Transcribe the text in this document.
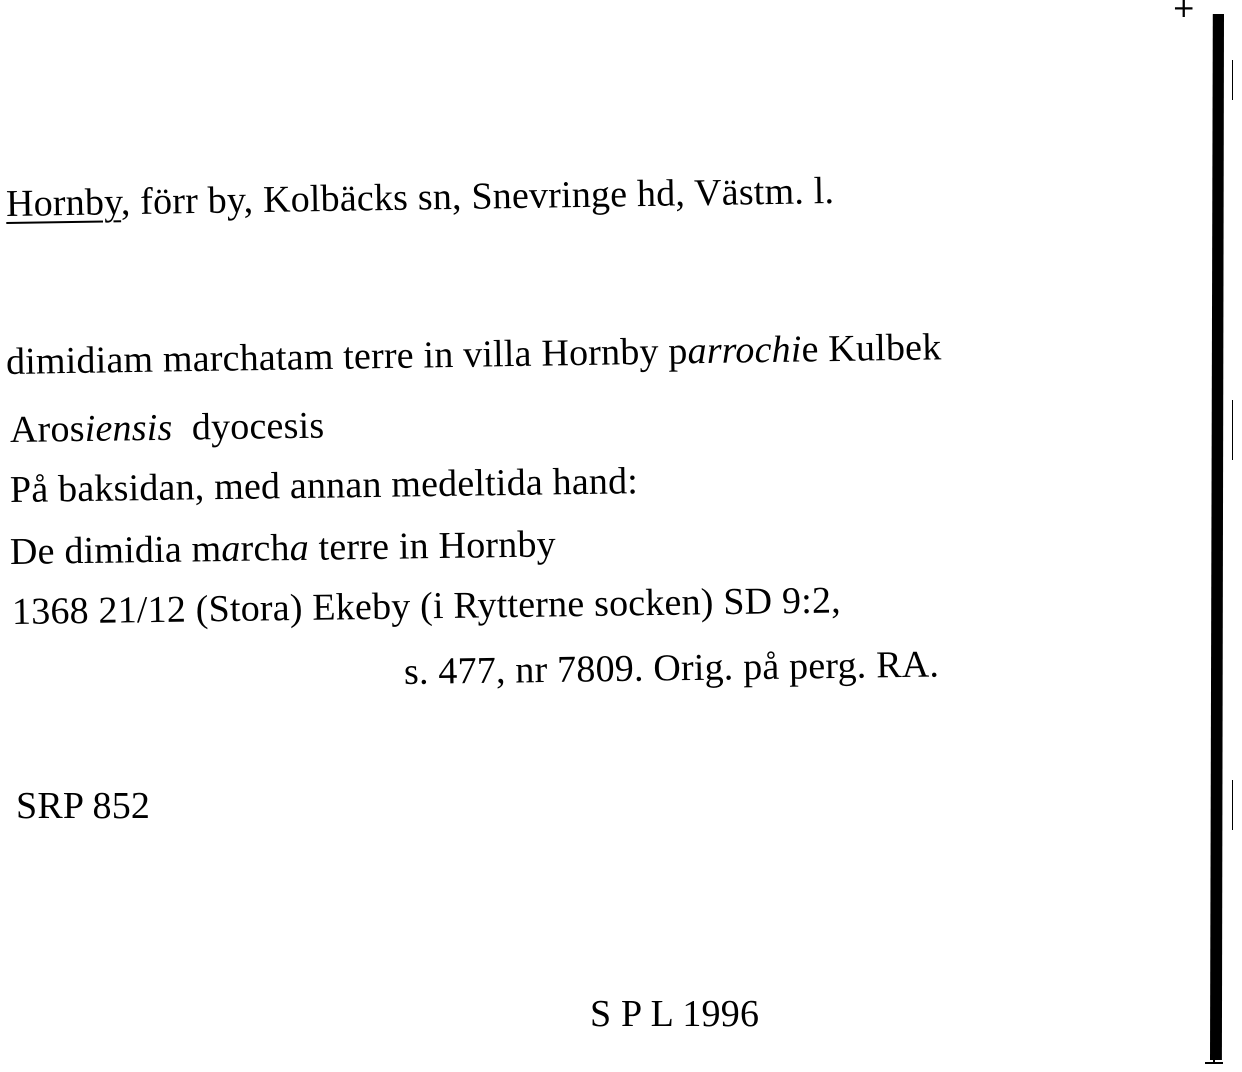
Hornby, förr by, Kolbäcks sn, Snevringe hd, Västm. l.
dimidiam marchatam terre in villa Hornby parrochie Kulbek
Arosiensis  dyocesis
På baksidan, med annan medeltida hand:
De dimidia marcha terre in Hornby
1368 21/12 (Stora) Ekeby (i Rytterne socken) SD 9:2,
s. 477, nr 7809. Orig. på perg. RA.
SRP 852
S P L 1996
+
